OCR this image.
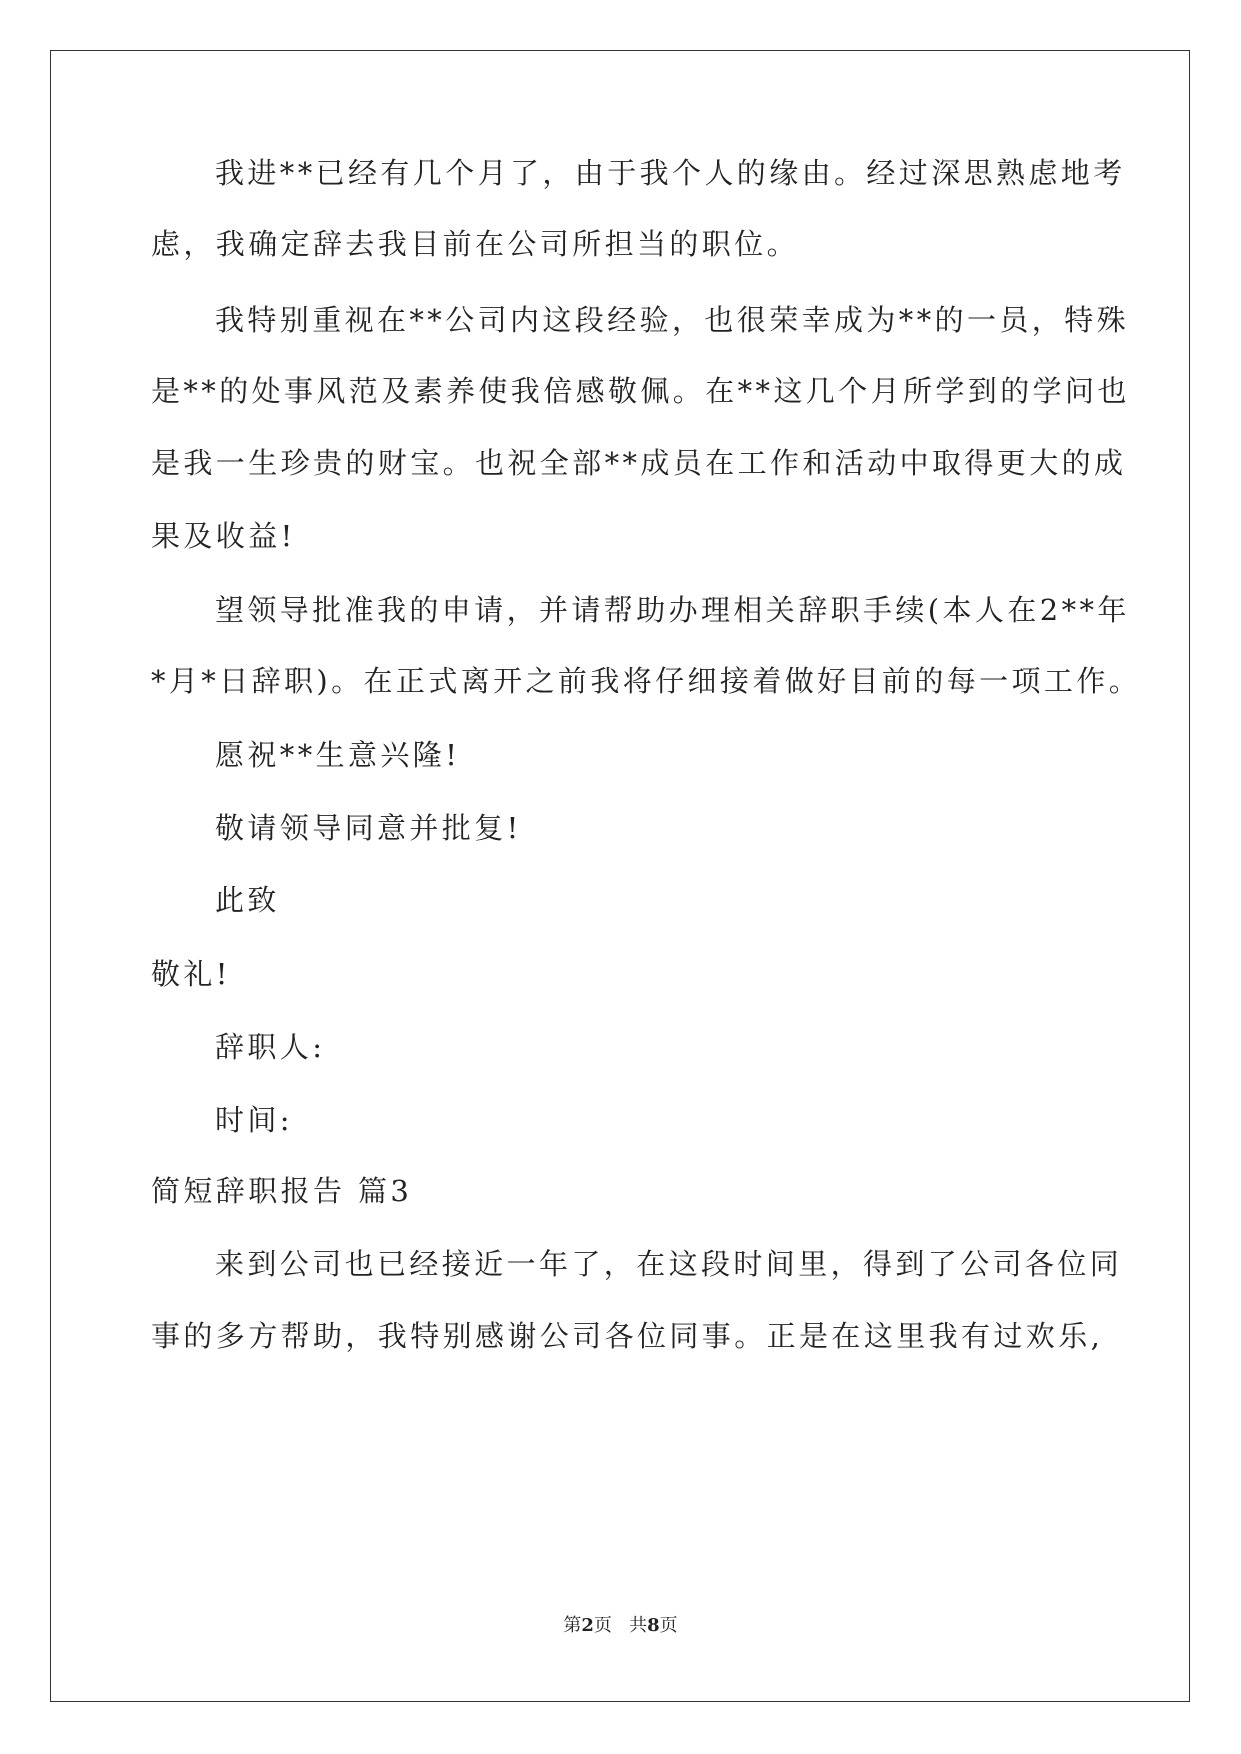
我进**已经有几个月了，由于我个人的缘由。经过深思熟虑地考
虑，我确定辞去我目前在公司所担当的职位。
我特别重视在**公司内这段经验，也很荣幸成为**的一员，特殊
是**的处事风范及素养使我倍感敬佩。在**这几个月所学到的学问也
是我一生珍贵的财宝。也祝全部**成员在工作和活动中取得更大的成
果及收益!
望领导批准我的申请，并请帮助办理相关辞职手续(本人在2**年
*月*日辞职)。在正式离开之前我将仔细接着做好目前的每一项工作。
愿祝**生意兴隆!
敬请领导同意并批复!
此致
敬礼!
辞职人:
时间:
简短辞职报告 篇3
来到公司也已经接近一年了，在这段时间里，得到了公司各位同
事的多方帮助，我特别感谢公司各位同事。正是在这里我有过欢乐,
第2页   共8页
